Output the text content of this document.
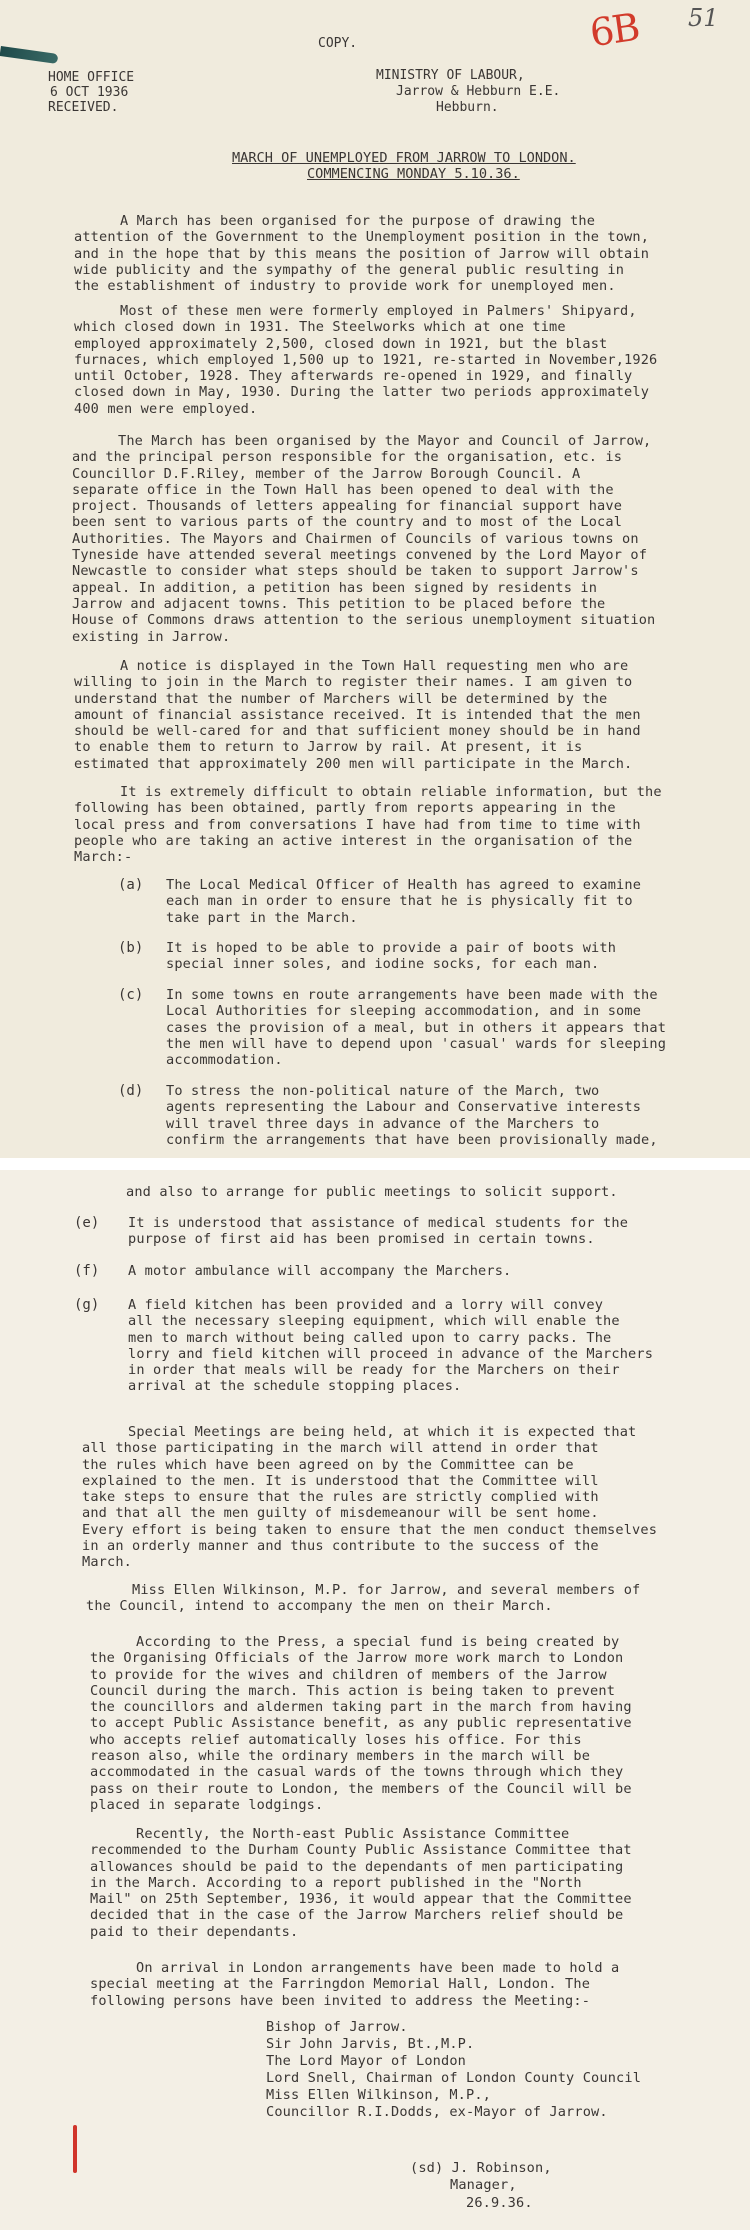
COPY.	6B 51
HOME OFFICE
6 OCT 1936
RECEIVED.
MINISTRY OF LABOUR,
Jarrow & Hebburn E.E.
Hebburn.
MARCH OF UNEMPLOYED FROM JARROW TO LONDON.
COMMENCING MONDAY 5.10.36.
A March has been organised for the purpose of drawing the
attention of the Government to the Unemployment position in the town,
and in the hope that by this means the position of Jarrow will obtain
wide publicity and the sympathy of the general public resulting in
the establishment of industry to provide work for unemployed men.
Most of these men were formerly employed in Palmers' Shipyard,
which closed down in 1931. The Steelworks which at one time
employed approximately 2,500, closed down in 1921, but the blast
furnaces, which employed 1,500 up to 1921, re-started in November,1926
until October, 1928. They afterwards re-opened in 1929, and finally
closed down in May, 1930. During the latter two periods approximately
400 men were employed.
The March has been organised by the Mayor and Council of Jarrow,
and the principal person responsible for the organisation, etc. is
Councillor D.F.Riley, member of the Jarrow Borough Council. A
separate office in the Town Hall has been opened to deal with the
project. Thousands of letters appealing for financial support have
been sent to various parts of the country and to most of the Local
Authorities. The Mayors and Chairmen of Councils of various towns on
Tyneside have attended several meetings convened by the Lord Mayor of
Newcastle to consider what steps should be taken to support Jarrow's
appeal. In addition, a petition has been signed by residents in
Jarrow and adjacent towns. This petition to be placed before the
House of Commons draws attention to the serious unemployment situation
existing in Jarrow.
A notice is displayed in the Town Hall requesting men who are
willing to join in the March to register their names. I am given to
understand that the number of Marchers will be determined by the
amount of financial assistance received. It is intended that the men
should be well-cared for and that sufficient money should be in hand
to enable them to return to Jarrow by rail. At present, it is
estimated that approximately 200 men will participate in the March.
It is extremely difficult to obtain reliable information, but the
following has been obtained, partly from reports appearing in the
local press and from conversations I have had from time to time with
people who are taking an active interest in the organisation of the
March:-
(a) The Local Medical Officer of Health has agreed to examine
each man in order to ensure that he is physically fit to
take part in the March.
(b) It is hoped to be able to provide a pair of boots with
special inner soles, and iodine socks, for each man.
(c) In some towns en route arrangements have been made with the
Local Authorities for sleeping accommodation, and in some
cases the provision of a meal, but in others it appears that
the men will have to depend upon 'casual' wards for sleeping
accommodation.
(d) To stress the non-political nature of the March, two
agents representing the Labour and Conservative interests
will travel three days in advance of the Marchers to
confirm the arrangements that have been provisionally made,
and also to arrange for public meetings to solicit support.
(e) It is understood that assistance of medical students for the
purpose of first aid has been promised in certain towns.
(f) A motor ambulance will accompany the Marchers.
(g) A field kitchen has been provided and a lorry will convey
all the necessary sleeping equipment, which will enable the
men to march without being called upon to carry packs. The
lorry and field kitchen will proceed in advance of the Marchers
in order that meals will be ready for the Marchers on their
arrival at the schedule stopping places.
Special Meetings are being held, at which it is expected that
all those participating in the march will attend in order that
the rules which have been agreed on by the Committee can be
explained to the men. It is understood that the Committee will
take steps to ensure that the rules are strictly complied with
and that all the men guilty of misdemeanour will be sent home.
Every effort is being taken to ensure that the men conduct themselves
in an orderly manner and thus contribute to the success of the
March.
Miss Ellen Wilkinson, M.P. for Jarrow, and several members of
the Council, intend to accompany the men on their March.
According to the Press, a special fund is being created by
the Organising Officials of the Jarrow more work march to London
to provide for the wives and children of members of the Jarrow
Council during the march. This action is being taken to prevent
the councillors and aldermen taking part in the march from having
to accept Public Assistance benefit, as any public representative
who accepts relief automatically loses his office. For this
reason also, while the ordinary members in the march will be
accommodated in the casual wards of the towns through which they
pass on their route to London, the members of the Council will be
placed in separate lodgings.
Recently, the North-east Public Assistance Committee
recommended to the Durham County Public Assistance Committee that
allowances should be paid to the dependants of men participating
in the March. According to a report published in the "North
Mail" on 25th September, 1936, it would appear that the Committee
decided that in the case of the Jarrow Marchers relief should be
paid to their dependants.
On arrival in London arrangements have been made to hold a
special meeting at the Farringdon Memorial Hall, London. The
following persons have been invited to address the Meeting:-
Bishop of Jarrow.
Sir John Jarvis, Bt.,M.P.
The Lord Mayor of London
Lord Snell, Chairman of London County Council
Miss Ellen Wilkinson, M.P.,
Councillor R.I.Dodds, ex-Mayor of Jarrow.
(sd) J. Robinson,
Manager,
26.9.36.
